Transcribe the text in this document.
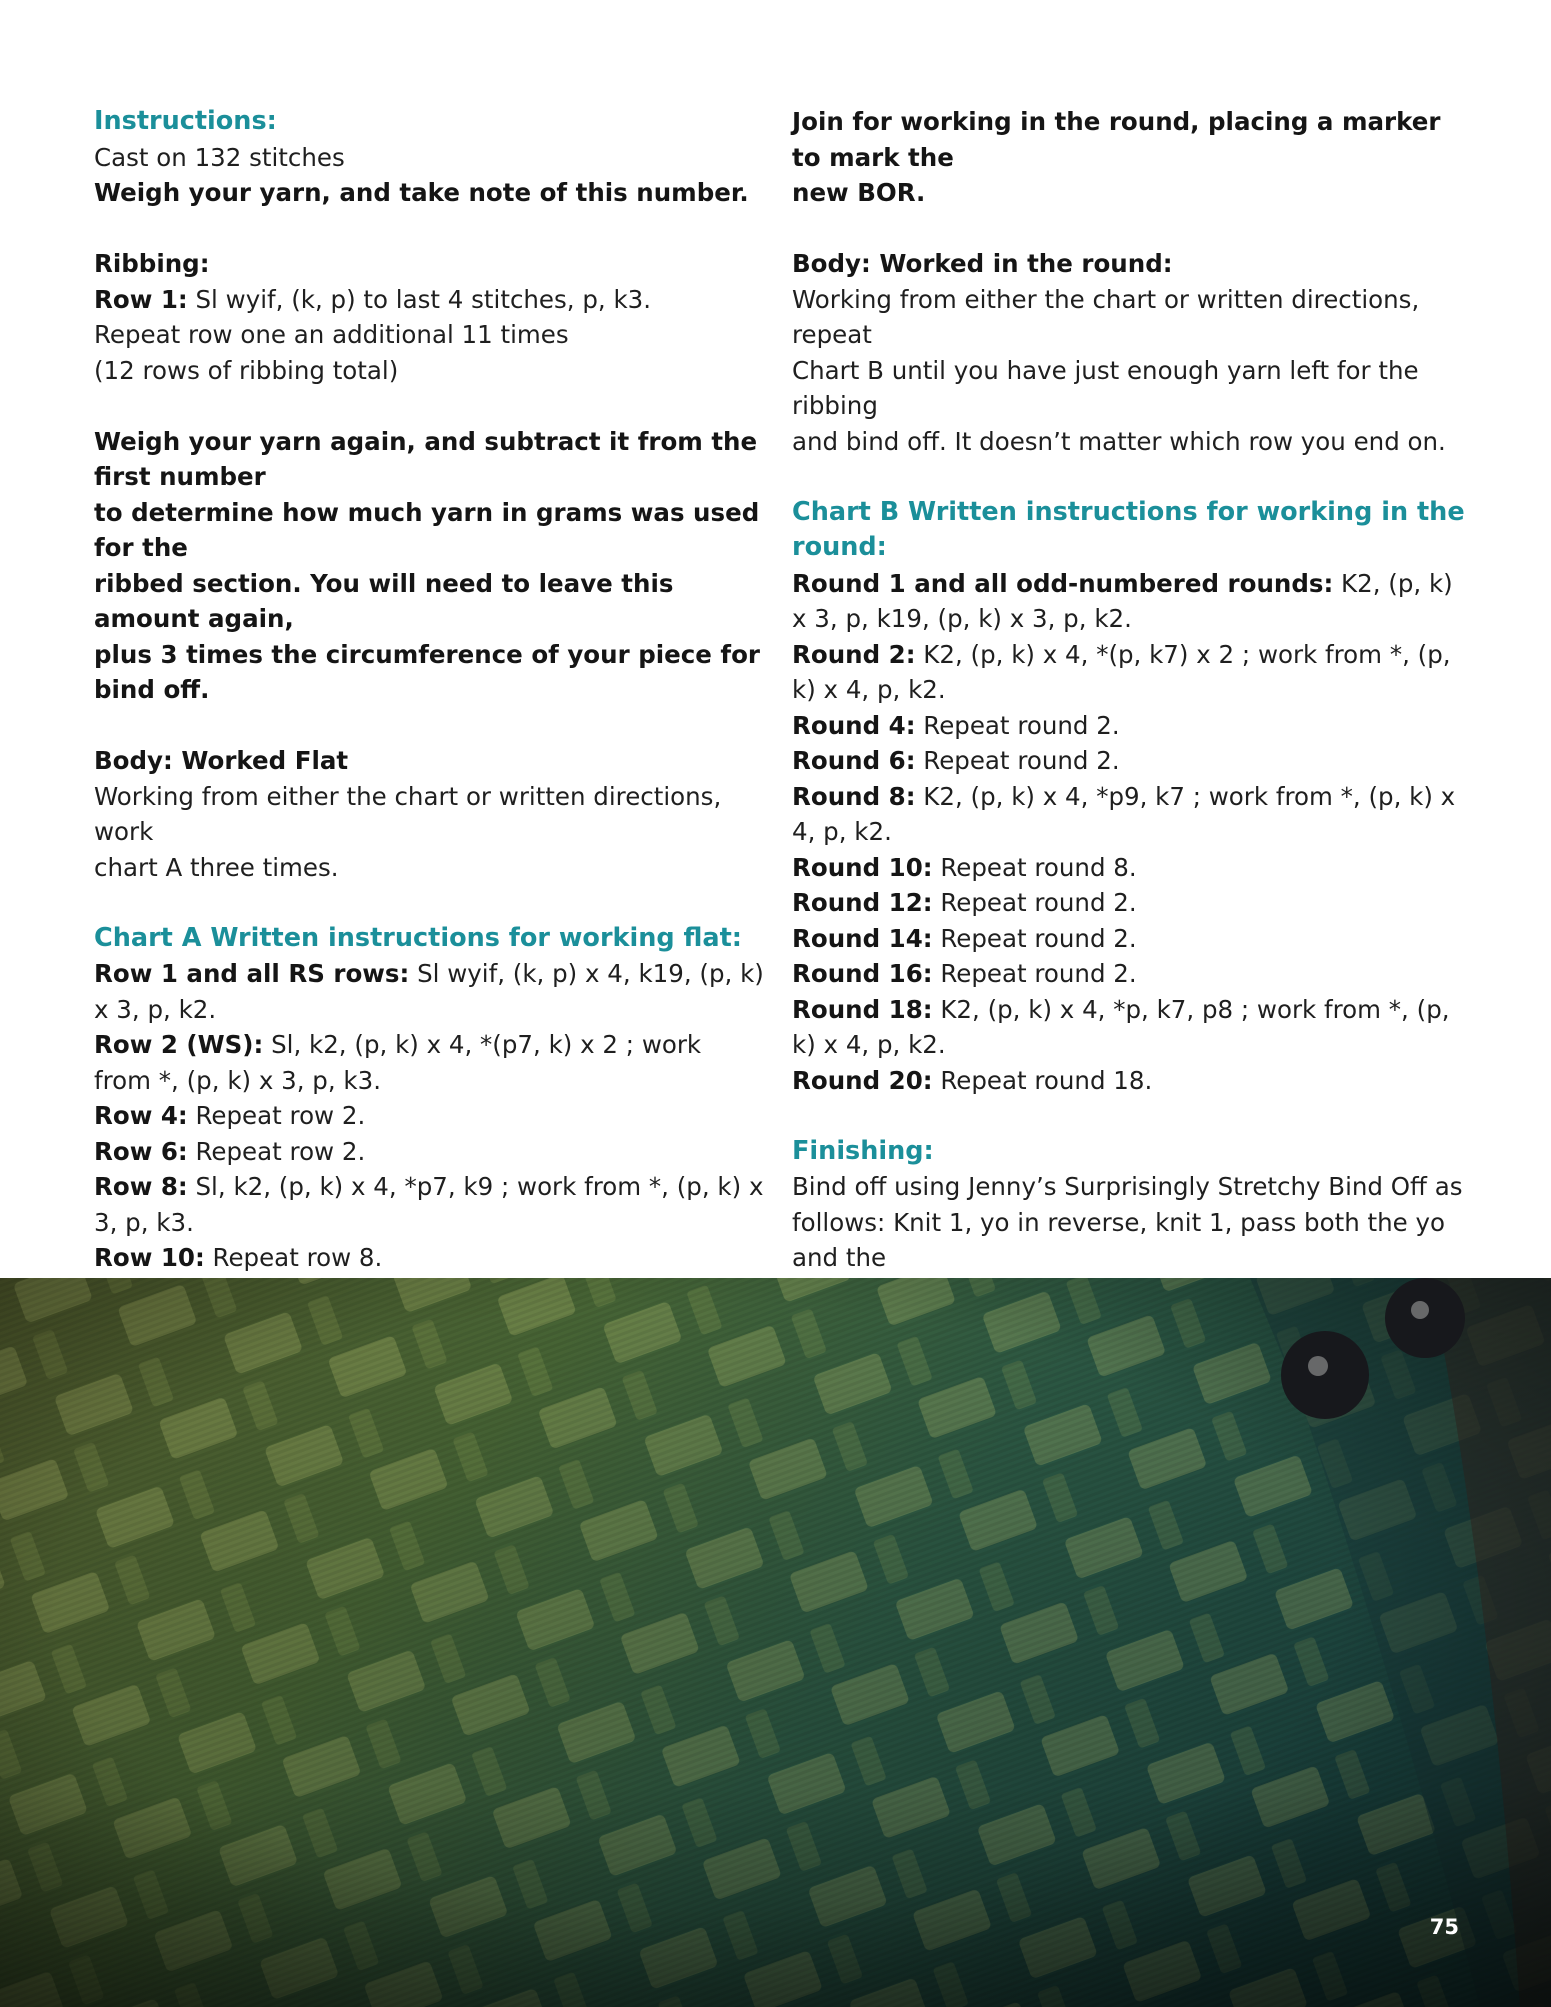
Instructions:
Cast on 132 stitches
Weigh your yarn, and take note of this number.
Ribbing:
Row 1: Sl wyif, (k, p) to last 4 stitches, p, k3.
Repeat row one an additional 11 times
(12 rows of ribbing total)
Weigh your yarn again, and subtract it from the first number
to determine how much yarn in grams was used for the
ribbed section. You will need to leave this amount again,
plus 3 times the circumference of your piece for bind off.
Body: Worked Flat
Working from either the chart or written directions, work
chart A three times.
Chart A Written instructions for working flat:
Row 1 and all RS rows: Sl wyif, (k, p) x 4, k19, (p, k) x 3, p, k2.
Row 2 (WS): Sl, k2, (p, k) x 4, *(p7, k) x 2 ; work from *, (p, k) x 3, p, k3.
Row 4: Repeat row 2.
Row 6: Repeat row 2.
Row 8: Sl, k2, (p, k) x 4, *p7, k9 ; work from *, (p, k) x 3, p, k3.
Row 10: Repeat row 8.
Join for working in the round, placing a marker to mark the
new BOR.
Body: Worked in the round:
Working from either the chart or written directions, repeat
Chart B until you have just enough yarn left for the ribbing
and bind off. It doesn’t matter which row you end on.
Chart B Written instructions for working in the round:
Round 1 and all odd-numbered rounds: K2, (p, k) x 3, p, k19, (p, k) x 3, p, k2.
Round 2: K2, (p, k) x 4, *(p, k7) x 2 ; work from *, (p, k) x 4, p, k2.
Round 4: Repeat round 2.
Round 6: Repeat round 2.
Round 8: K2, (p, k) x 4, *p9, k7 ; work from *, (p, k) x 4, p, k2.
Round 10: Repeat round 8.
Round 12: Repeat round 2.
Round 14: Repeat round 2.
Round 16: Repeat round 2.
Round 18: K2, (p, k) x 4, *p, k7, p8 ; work from *, (p, k) x 4, p, k2.
Round 20: Repeat round 18.
Finishing:
Bind off using Jenny’s Surprisingly Stretchy Bind Off as
follows: Knit 1, yo in reverse, knit 1, pass both the yo and the
75
